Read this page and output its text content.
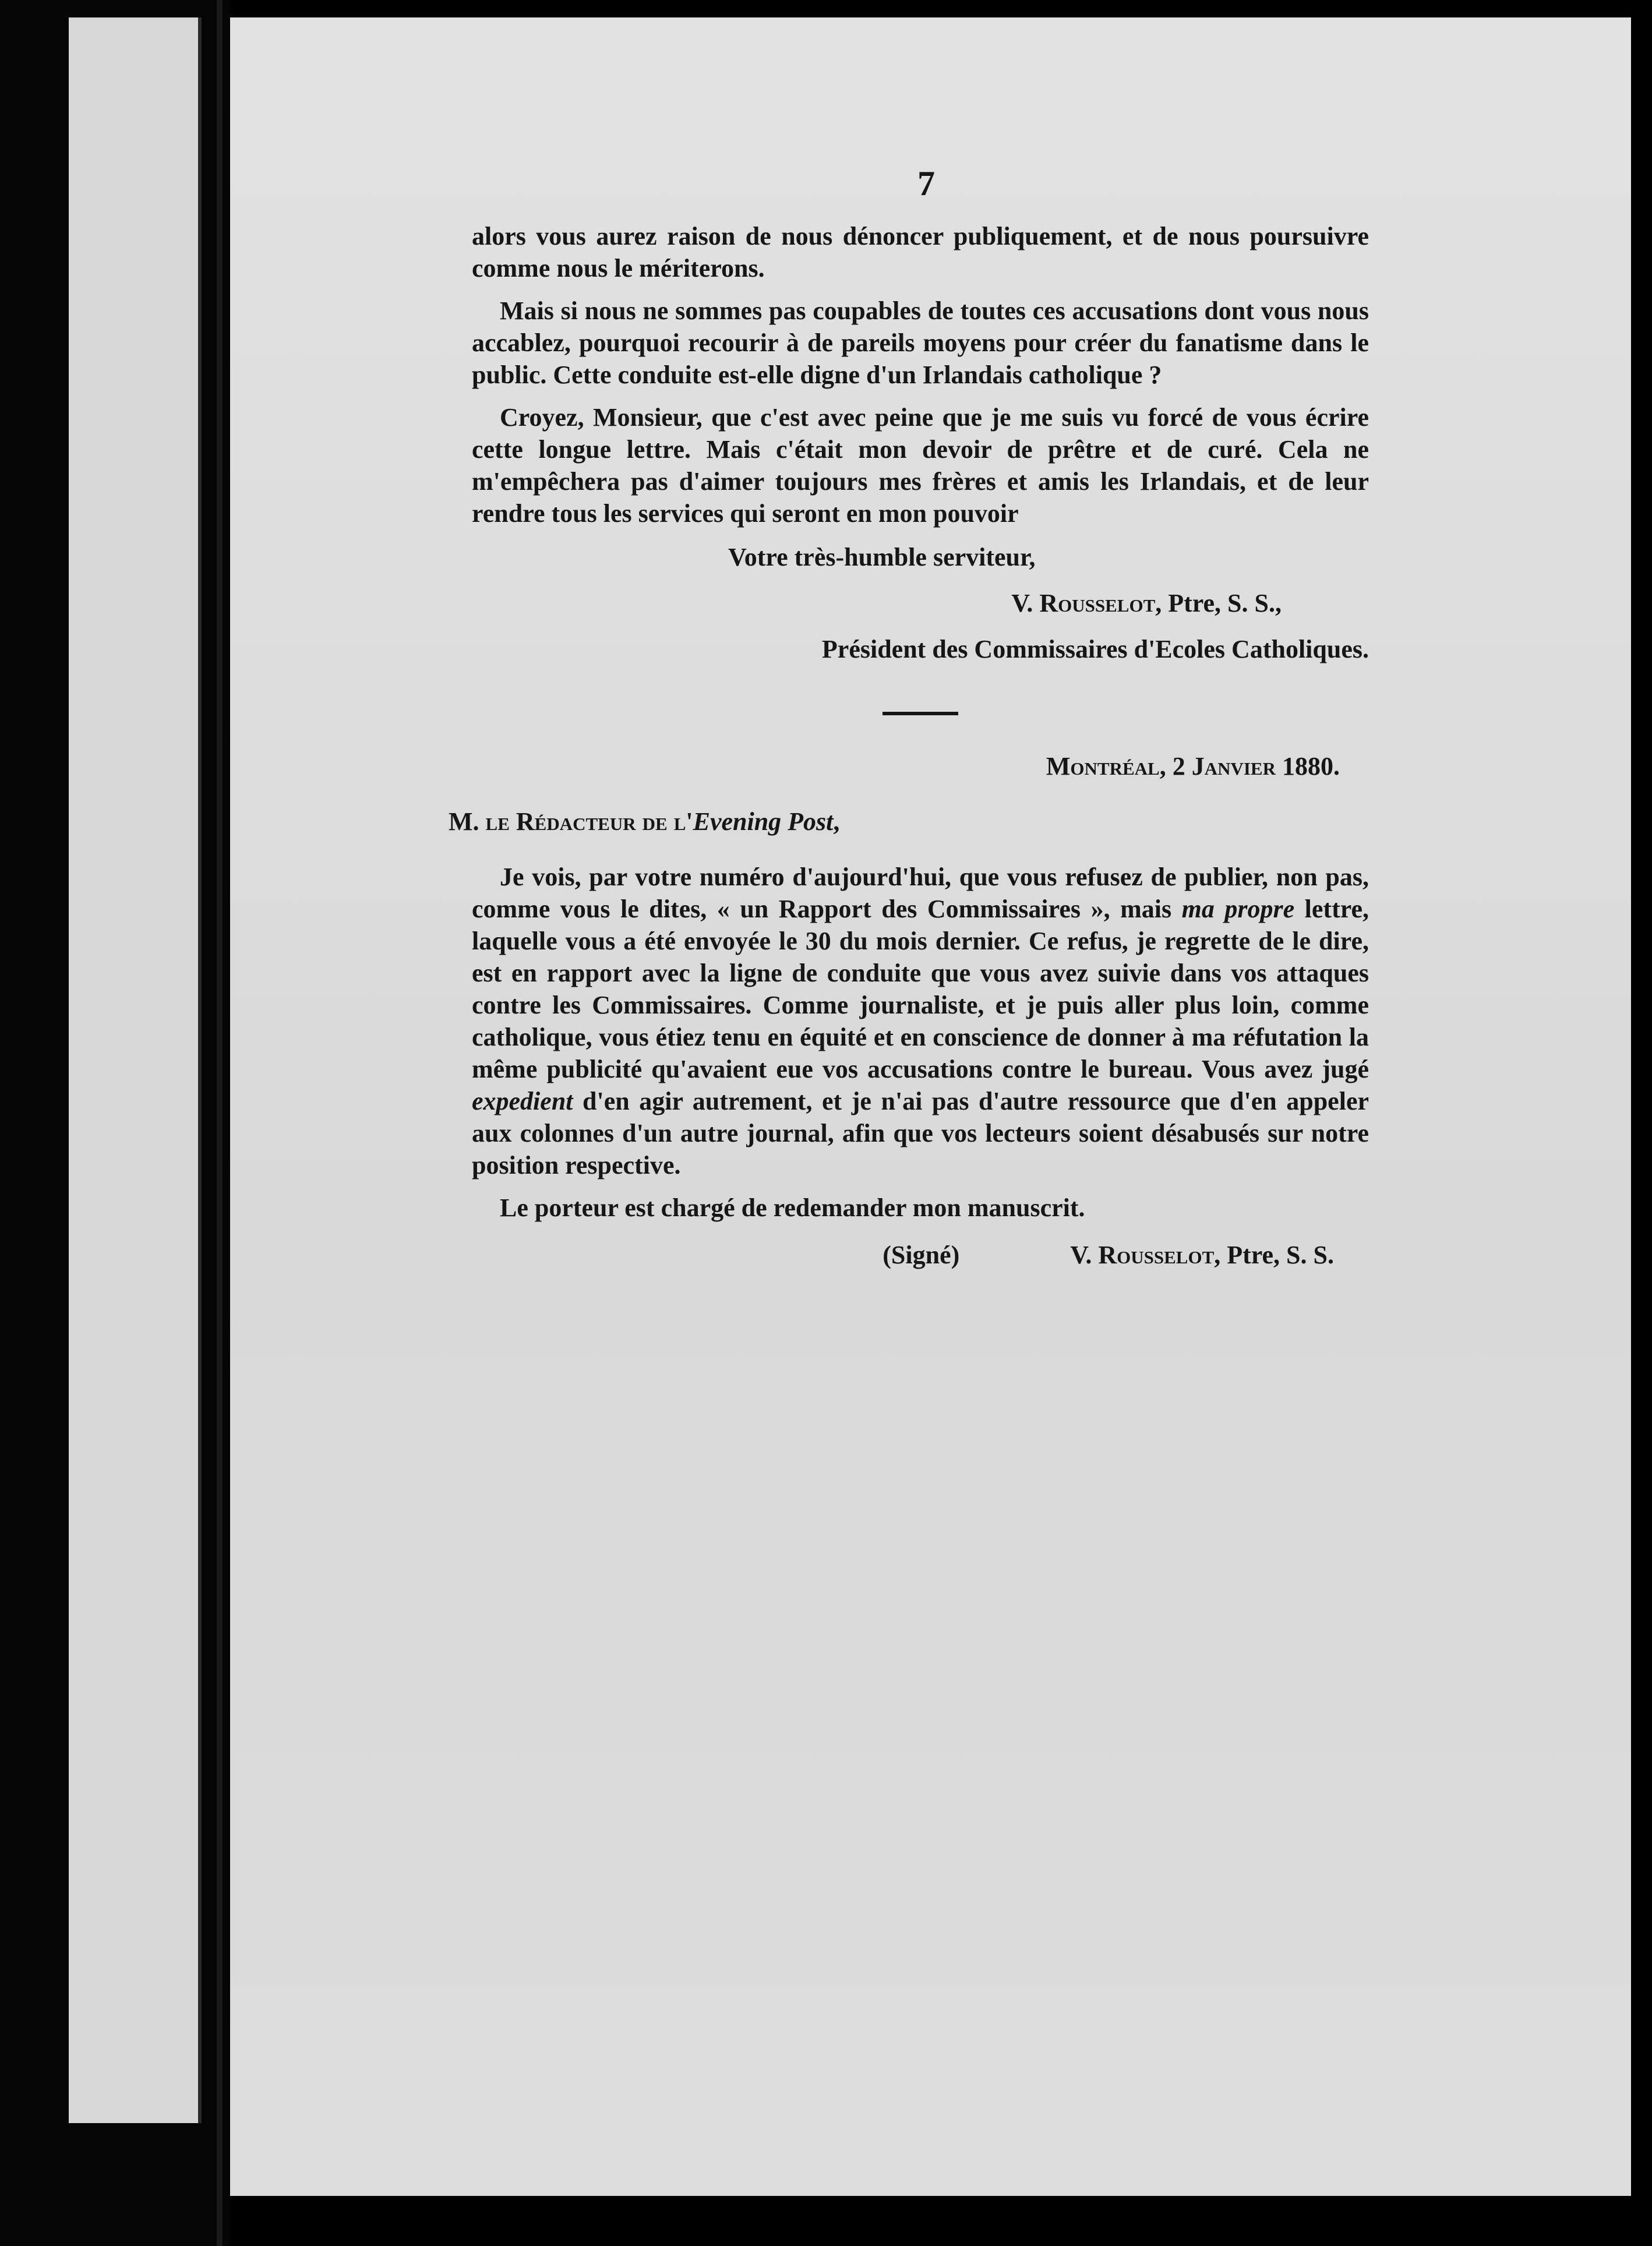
7

alors vous aurez raison de nous dénoncer publiquement, et de nous poursuivre comme nous le mériterons.

Mais si nous ne sommes pas coupables de toutes ces accusations dont vous nous accablez, pourquoi recourir à de pareils moyens pour créer du fanatisme dans le public. Cette conduite est-elle digne d'un Irlandais catholique ?

Croyez, Monsieur, que c'est avec peine que je me suis vu forcé de vous écrire cette longue lettre. Mais c'était mon devoir de prêtre et de curé. Cela ne m'empêchera pas d'aimer toujours mes frères et amis les Irlandais, et de leur rendre tous les services qui seront en mon pouvoir

Votre très-humble serviteur,
V. Rousselot, Ptre, S. S.,
Président des Commissaires d'Ecoles Catholiques.
Montréal, 2 Janvier 1880.
M. le Rédacteur de l'Evening Post,

Je vois, par votre numéro d'aujourd'hui, que vous refusez de publier, non pas, comme vous le dites, « un Rapport des Commissaires », mais ma propre lettre, laquelle vous a été envoyée le 30 du mois dernier. Ce refus, je regrette de le dire, est en rapport avec la ligne de conduite que vous avez suivie dans vos attaques contre les Commissaires. Comme journaliste, et je puis aller plus loin, comme catholique, vous étiez tenu en équité et en conscience de donner à ma réfutation la même publicité qu'avaient eue vos accusations contre le bureau. Vous avez jugé expedient d'en agir autrement, et je n'ai pas d'autre ressource que d'en appeler aux colonnes d'un autre journal, afin que vos lecteurs soient désabusés sur notre position respective.

Le porteur est chargé de redemander mon manuscrit.

(Signé)	V. Rousselot, Ptre, S. S.
